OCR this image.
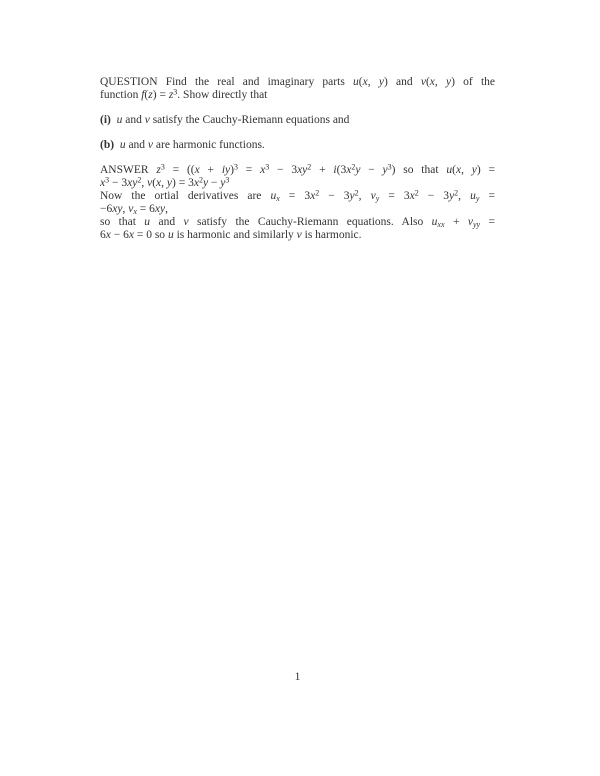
QUESTION Find the real and imaginary parts u(x, y) and v(x, y) of the
function $f(z) = z^3$. Show directly that
(i) u and v satisfy the Cauchy-Riemann equations and
(b) u and v are harmonic functions.
ANSWER $z^3 = ((x + iy)^3 = x^3 - 3xy^2 + i(3x^2y - y^3)$ so that u(x, y) =
$x^3 - 3xy^2$, v(x, $y) = 3x^2y - y^3$
Now the ortial derivatives are $u_x = 3x^2 - 3y^2$, $v_y = 3x^2 - 3y^2$, $u_y$ =
−6xy, $v_x = 6xy$,
so that u and v satisfy the Cauchy-Riemann equations. Also $u_{xx} + v_{yy}$ =
6x − 6x = 0 so u is harmonic and similarly v is harmonic.
1
